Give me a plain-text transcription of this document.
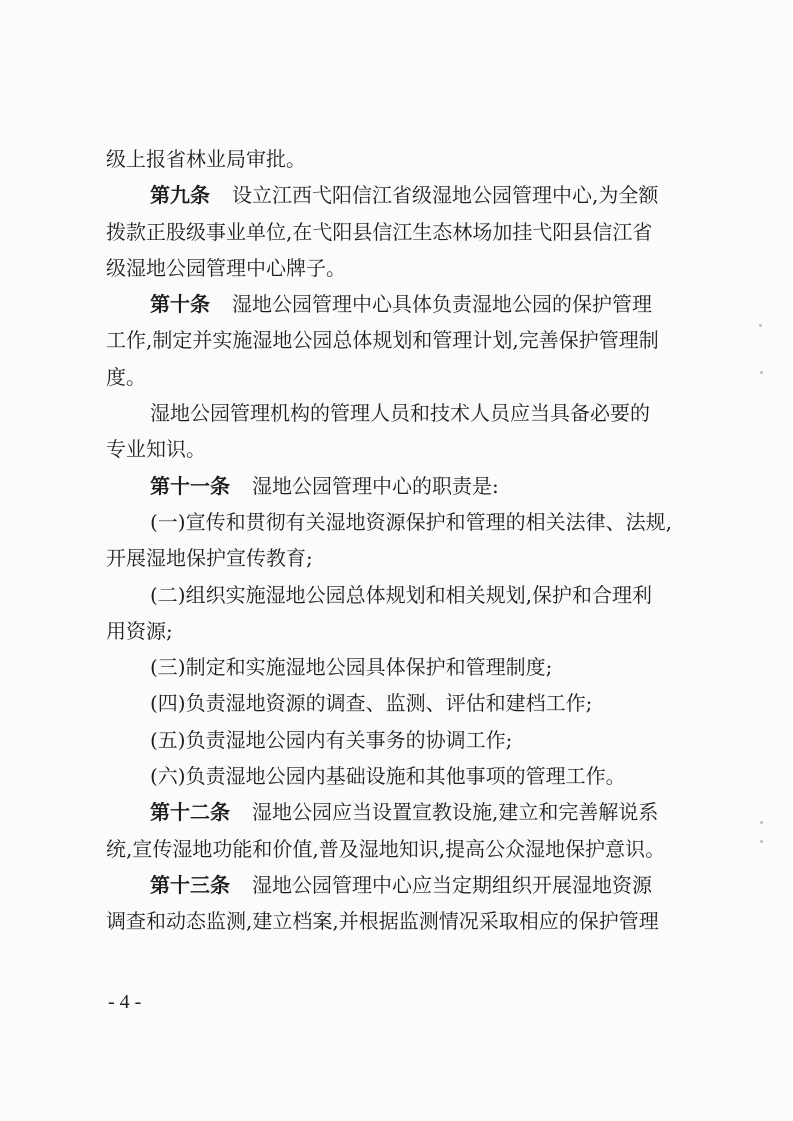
级上报省林业局审批。
第九条 设立江西弋阳信江省级湿地公园管理中心,为全额
拨款正股级事业单位,在弋阳县信江生态林场加挂弋阳县信江省
级湿地公园管理中心牌子。
第十条 湿地公园管理中心具体负责湿地公园的保护管理
工作,制定并实施湿地公园总体规划和管理计划,完善保护管理制
度。
湿地公园管理机构的管理人员和技术人员应当具备必要的
专业知识。
第十一条 湿地公园管理中心的职责是:
(一)宣传和贯彻有关湿地资源保护和管理的相关法律、法规,
开展湿地保护宣传教育;
(二)组织实施湿地公园总体规划和相关规划,保护和合理利
用资源;
(三)制定和实施湿地公园具体保护和管理制度;
(四)负责湿地资源的调查、监测、评估和建档工作;
(五)负责湿地公园内有关事务的协调工作;
(六)负责湿地公园内基础设施和其他事项的管理工作。
第十二条 湿地公园应当设置宣教设施,建立和完善解说系
统,宣传湿地功能和价值,普及湿地知识,提高公众湿地保护意识。
第十三条 湿地公园管理中心应当定期组织开展湿地资源
调查和动态监测,建立档案,并根据监测情况采取相应的保护管理
- 4 -
